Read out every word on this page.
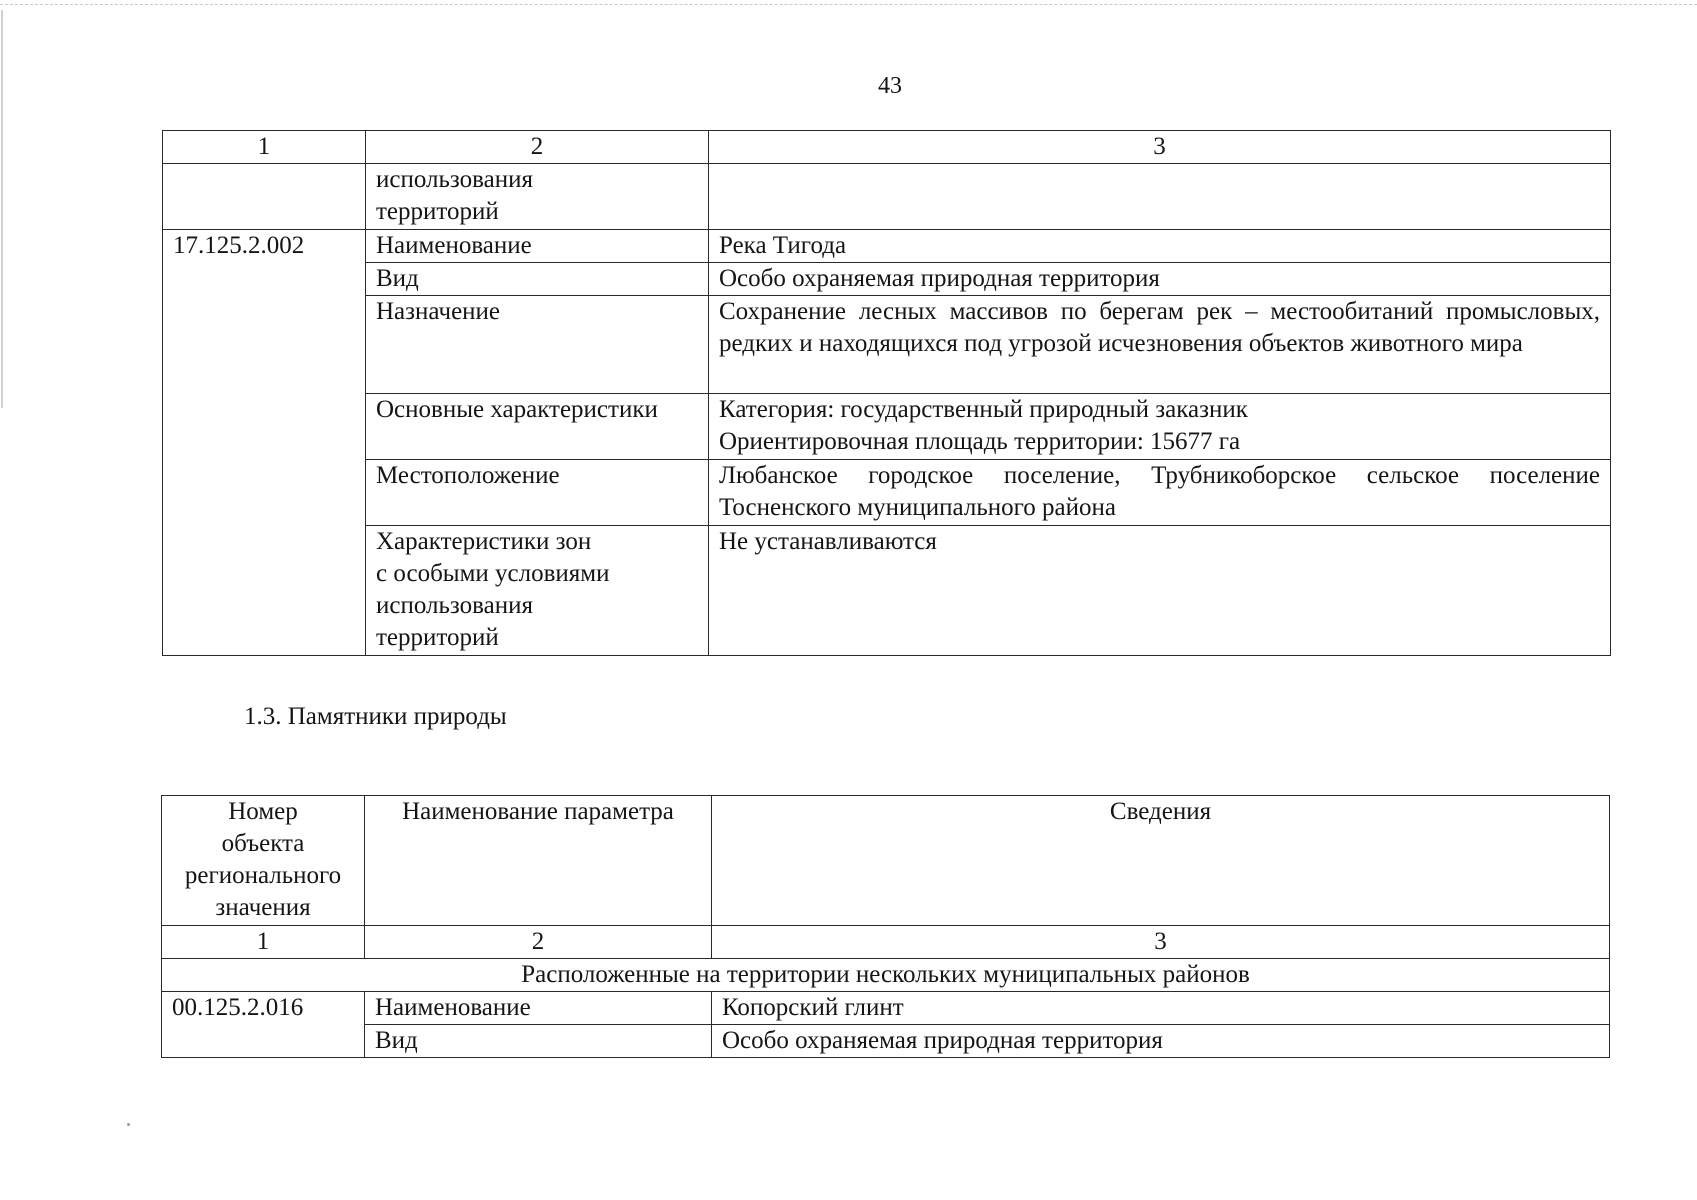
43
1	2	3

	использования
территорий	

17.125.2.002	Наименование	Река Тигода
	Вид	Особо охраняемая природная территория
	Назначение	Сохранение лесных массивов по берегам рек – местообитаний промысловых, редких и находящихся под угрозой исчезновения объектов животного мира
	Основные характеристики	Категория: государственный природный заказник
Ориентировочная площадь территории: 15677 га

	Местоположение	Любанское городское поселение, Трубникоборское сельское поселение Тосненского муниципального района

	Характеристики зон
с особыми условиями
использования
территорий	Не устанавливаются
1.3. Памятники природы
Номер
объекта
регионального
значения	Наименование параметра	Сведения
1	2	3
Расположенные на территории нескольких муниципальных районов		
00.125.2.016	Наименование	Копорский глинт
	Вид	Особо охраняемая природная территория
